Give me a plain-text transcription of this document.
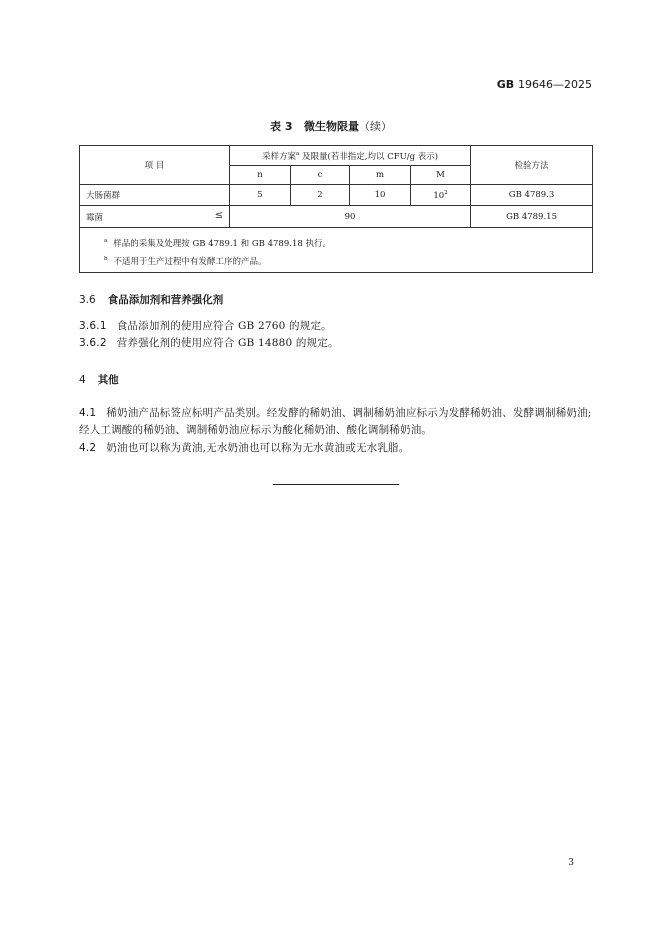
GB 19646—2025
表 3 微生物限量（续）
项 目	采样方案$^a$ 及限量(若非指定,均以 CFU/g 表示)				检验方法
	n	c	m	M	
大肠菌群	5	2	10	$10^2$	GB 4789.3
霉菌 ≤	90				GB 4789.15

$^a$ 样品的采集及处理按 GB 4789.1 和 GB 4789.18 执行。
$^b$ 不适用于生产过程中有发酵工序的产品。					
3.6 食品添加剂和营养强化剂
3.6.1 食品添加剂的使用应符合 GB 2760 的规定。
3.6.2 营养强化剂的使用应符合 GB 14880 的规定。
4 其他
4.1 稀奶油产品标签应标明产品类别。经发酵的稀奶油、调制稀奶油应标示为发酵稀奶油、发酵调制稀奶油;经人工调酸的稀奶油、调制稀奶油应标示为酸化稀奶油、酸化调制稀奶油。
4.2 奶油也可以称为黄油,无水奶油也可以称为无水黄油或无水乳脂。
3
